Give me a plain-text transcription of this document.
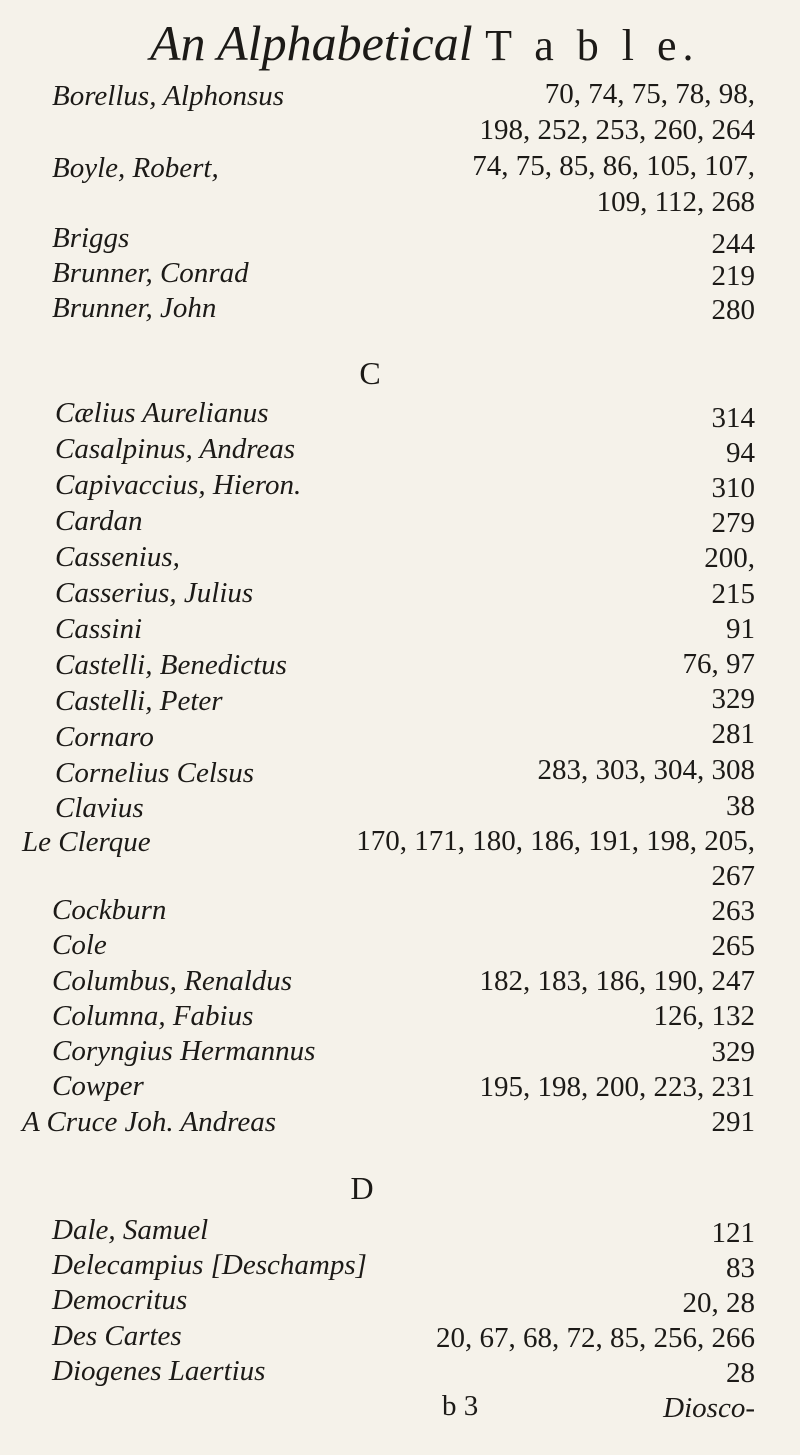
An Alphabetical T a b l e.
Borellus, Alphonsus	70, 74, 75, 78, 98,
198, 252, 253, 260, 264
Boyle, Robert,	74, 75, 85, 86, 105, 107,
109, 112, 268
Briggs	244
Brunner, Conrad	219
Brunner, John	280
C
Cælius Aurelianus	314
Casalpinus, Andreas	94
Capivaccius, Hieron.	310
Cardan	279
Cassenius,	200,
Casserius, Julius	215
Cassini	91
Castelli, Benedictus	76, 97
Castelli, Peter	329
Cornaro	281
Cornelius Celsus	283, 303, 304, 308
Clavius	38
Le Clerque	170, 171, 180, 186, 191, 198, 205,
267
Cockburn	263
Cole	265
Columbus, Renaldus	182, 183, 186, 190, 247
Columna, Fabius	126, 132
Coryngius Hermannus	329
Cowper	195, 198, 200, 223, 231
A Cruce Joh. Andreas	291
D
Dale, Samuel	121
Delecampius [Deschamps]	83
Democritus	20, 28
Des Cartes	20, 67, 68, 72, 85, 256, 266
Diogenes Laertius	28
b 3	Diosco-
